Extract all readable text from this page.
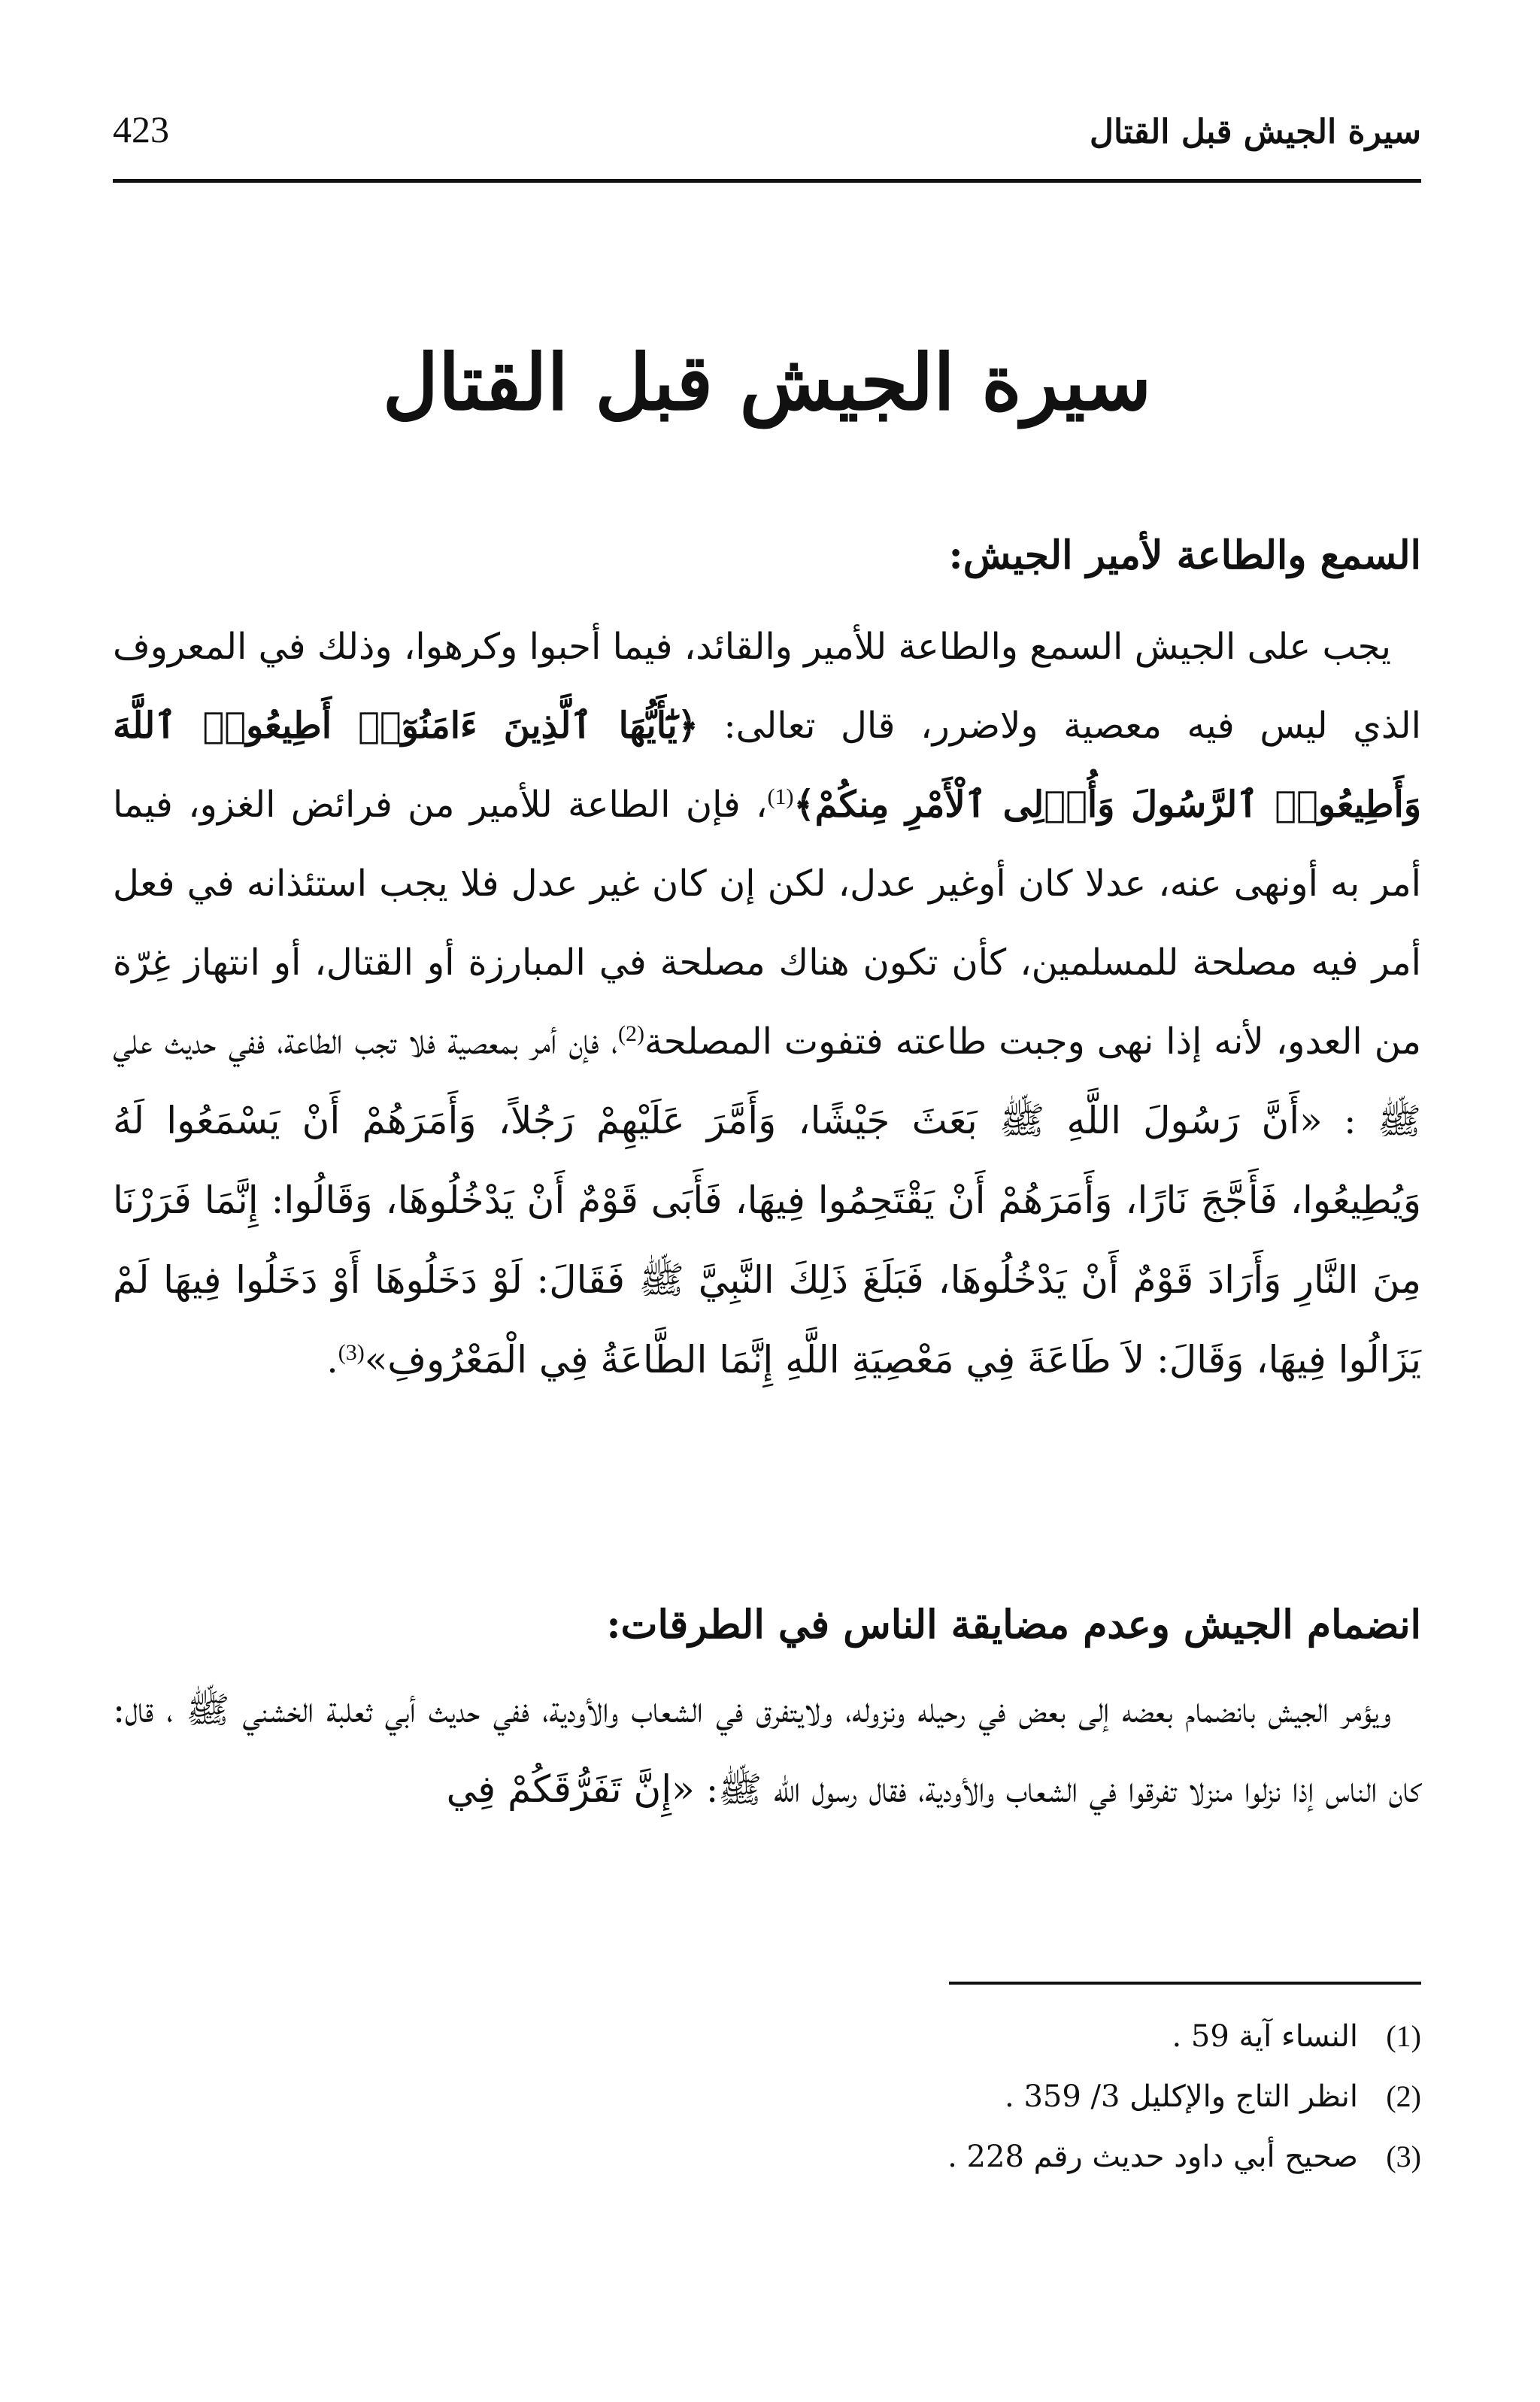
سيرة الجيش قبل القتال
423
سيرة الجيش قبل القتال
السمع والطاعة لأمير الجيش:

يجب على الجيش السمع والطاعة للأمير والقائد، فيما أحبوا وكرهوا، وذلك في المعروف الذي ليس فيه معصية ولاضرر، قال تعالى: ﴿يَٰٓأَيُّهَا ٱلَّذِينَ ءَامَنُوٓا۟ أَطِيعُوا۟ ٱللَّهَ وَأَطِيعُوا۟ ٱلرَّسُولَ وَأُو۟لِى ٱلْأَمْرِ مِنكُمْ﴾$^{(1)}$، فإن الطاعة للأمير من فرائض الغزو، فيما أمر به أونهى عنه، عدلا كان أوغير عدل، لكن إن كان غير عدل فلا يجب استئذانه في فعل أمر فيه مصلحة للمسلمين، كأن تكون هناك مصلحة في المبارزة أو القتال، أو انتهاز غِرّة من العدو، لأنه إذا نهى وجبت طاعته فتفوت المصلحة$^{(2)}$، فإن أمر بمعصية فلا تجب الطاعة، ففي حديث علي ﷺ : «أَنَّ رَسُولَ اللَّهِ ﷺ بَعَثَ جَيْشًا، وَأَمَّرَ عَلَيْهِمْ رَجُلاً، وَأَمَرَهُمْ أَنْ يَسْمَعُوا لَهُ وَيُطِيعُوا، فَأَجَّجَ نَارًا، وَأَمَرَهُمْ أَنْ يَقْتَحِمُوا فِيهَا، فَأَبَى قَوْمٌ أَنْ يَدْخُلُوهَا، وَقَالُوا: إِنَّمَا فَرَرْنَا مِنَ النَّارِ وَأَرَادَ قَوْمٌ أَنْ يَدْخُلُوهَا، فَبَلَغَ ذَلِكَ النَّبِيَّ ﷺ فَقَالَ: لَوْ دَخَلُوهَا أَوْ دَخَلُوا فِيهَا لَمْ يَزَالُوا فِيهَا، وَقَالَ: لاَ طَاعَةَ فِي مَعْصِيَةِ اللَّهِ إِنَّمَا الطَّاعَةُ فِي الْمَعْرُوفِ»$^{(3)}$.

انضمام الجيش وعدم مضايقة الناس في الطرقات:

ويؤمر الجيش بانضمام بعضه إلى بعض في رحيله ونزوله، ولايتفرق في الشعاب والأودية، ففي حديث أبي ثعلبة الخشني ﷺ ، قال: كان الناس إذا نزلوا منزلا تفرقوا في الشعاب والأودية، فقال رسول الله ﷺ: «إِنَّ تَفَرُّقَكُمْ فِي

(1)النساء آية 59 .
(2)انظر التاج والإكليل 3/ 359 .
(3)صحيح أبي داود حديث رقم 228 .
